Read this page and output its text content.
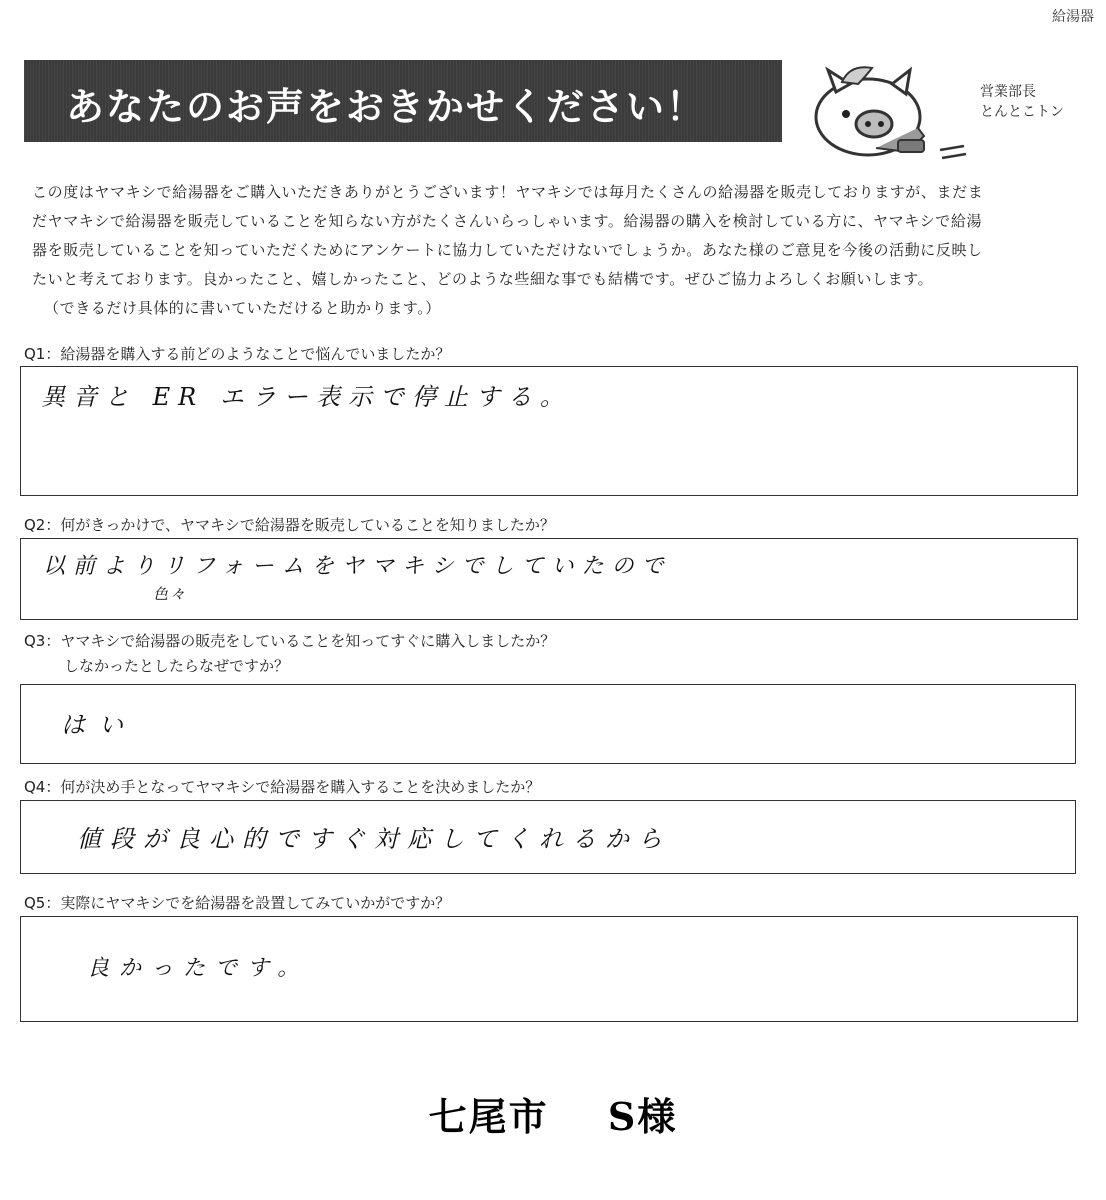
給湯器
あなたのお声をおきかせください！	営業部長
とんとこトン

この度はヤマキシで給湯器をご購入いただきありがとうございます！ヤマキシでは毎月たくさんの給湯器を販売しておりますが、まだま

だヤマキシで給湯器を販売していることを知らない方がたくさんいらっしゃいます。給湯器の購入を検討している方に、ヤマキシで給湯

器を販売していることを知っていただくためにアンケートに協力していただけないでしょうか。あなた様のご意見を今後の活動に反映し

たいと考えております。良かったこと、嬉しかったこと、どのような些細な事でも結構です。ぜひご協力よろしくお願いします。

（できるだけ具体的に書いていただけると助かります。）

Q1：給湯器を購入する前どのようなことで悩んでいましたか？
異音と ER エラー表示で停止する。
Q2：何がきっかけで、ヤマキシで給湯器を販売していることを知りましたか？
以前よりリフォームをヤマキシでしていたので
色々
Q3：ヤマキシで給湯器の販売をしていることを知ってすぐに購入しましたか？
しなかったとしたらなぜですか？
はい
Q4：何が決め手となってヤマキシで給湯器を購入することを決めましたか？
値段が良心的ですぐ対応してくれるから
Q5：実際にヤマキシでを給湯器を設置してみていかがですか？
良かったです。
七尾市 S様
